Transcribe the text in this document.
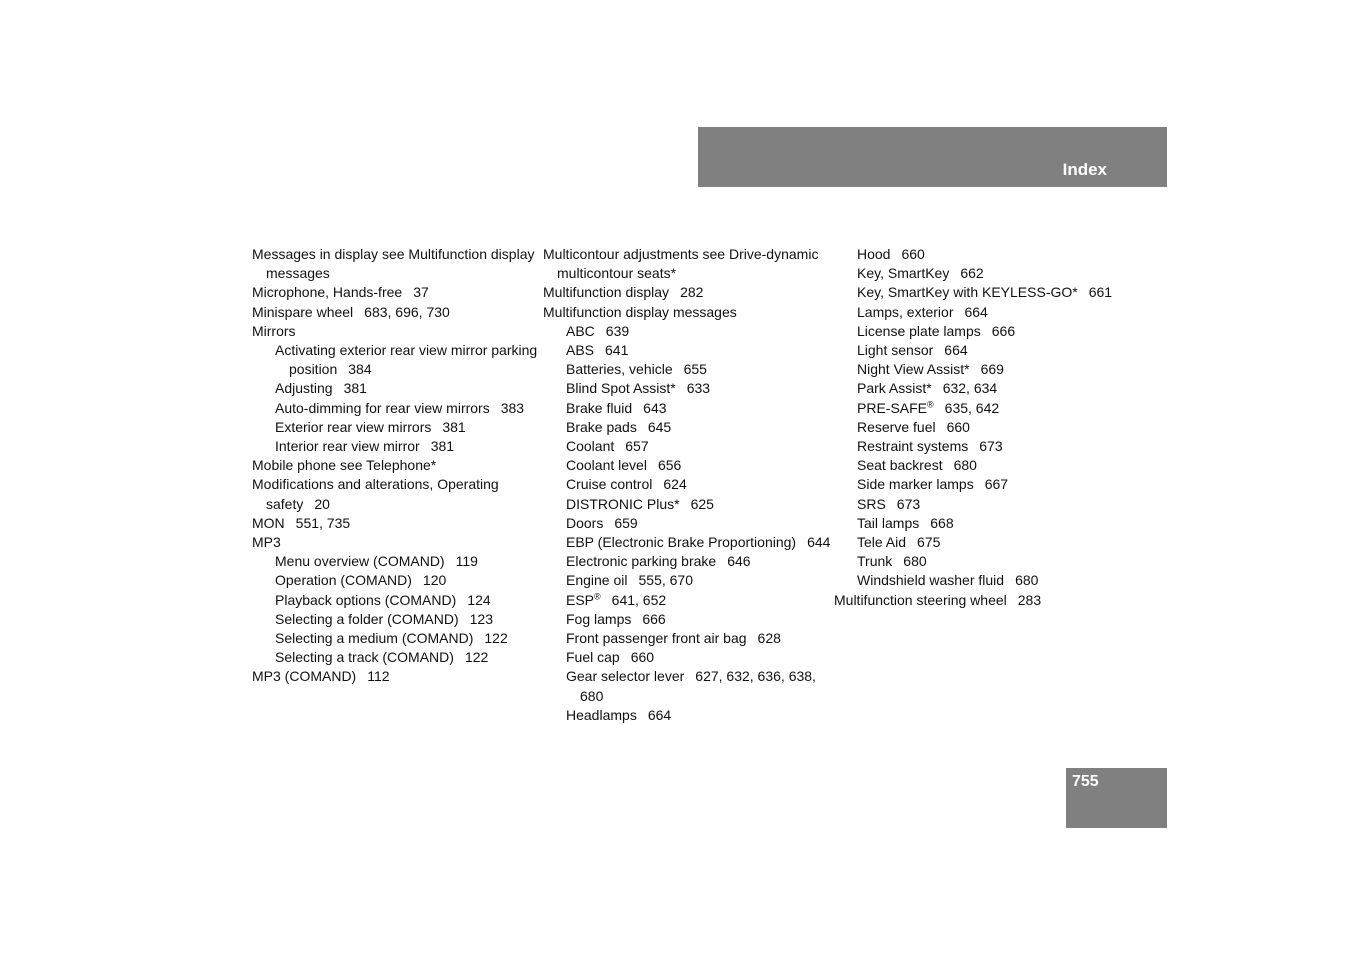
Index
Messages in display see Multifunction display messages
Microphone, Hands-free 37
Minispare wheel 683, 696, 730
Mirrors
Activating exterior rear view mirror parking position 384
Adjusting 381
Auto-dimming for rear view mirrors 383
Exterior rear view mirrors 381
Interior rear view mirror 381
Mobile phone see Telephone*
Modifications and alterations, Operating safety 20
MON 551, 735
MP3
Menu overview (COMAND) 119
Operation (COMAND) 120
Playback options (COMAND) 124
Selecting a folder (COMAND) 123
Selecting a medium (COMAND) 122
Selecting a track (COMAND) 122
MP3 (COMAND) 112
Multicontour adjustments see Drive-dynamic multicontour seats*
Multifunction display 282
Multifunction display messages
ABC 639
ABS 641
Batteries, vehicle 655
Blind Spot Assist* 633
Brake fluid 643
Brake pads 645
Coolant 657
Coolant level 656
Cruise control 624
DISTRONIC Plus* 625
Doors 659
EBP (Electronic Brake Proportioning) 644
Electronic parking brake 646
Engine oil 555, 670
ESP® 641, 652
Fog lamps 666
Front passenger front air bag 628
Fuel cap 660
Gear selector lever 627, 632, 636, 638, 680
Headlamps 664
Hood 660
Key, SmartKey 662
Key, SmartKey with KEYLESS-GO* 661
Lamps, exterior 664
License plate lamps 666
Light sensor 664
Night View Assist* 669
Park Assist* 632, 634
PRE-SAFE® 635, 642
Reserve fuel 660
Restraint systems 673
Seat backrest 680
Side marker lamps 667
SRS 673
Tail lamps 668
Tele Aid 675
Trunk 680
Windshield washer fluid 680
Multifunction steering wheel 283
755
